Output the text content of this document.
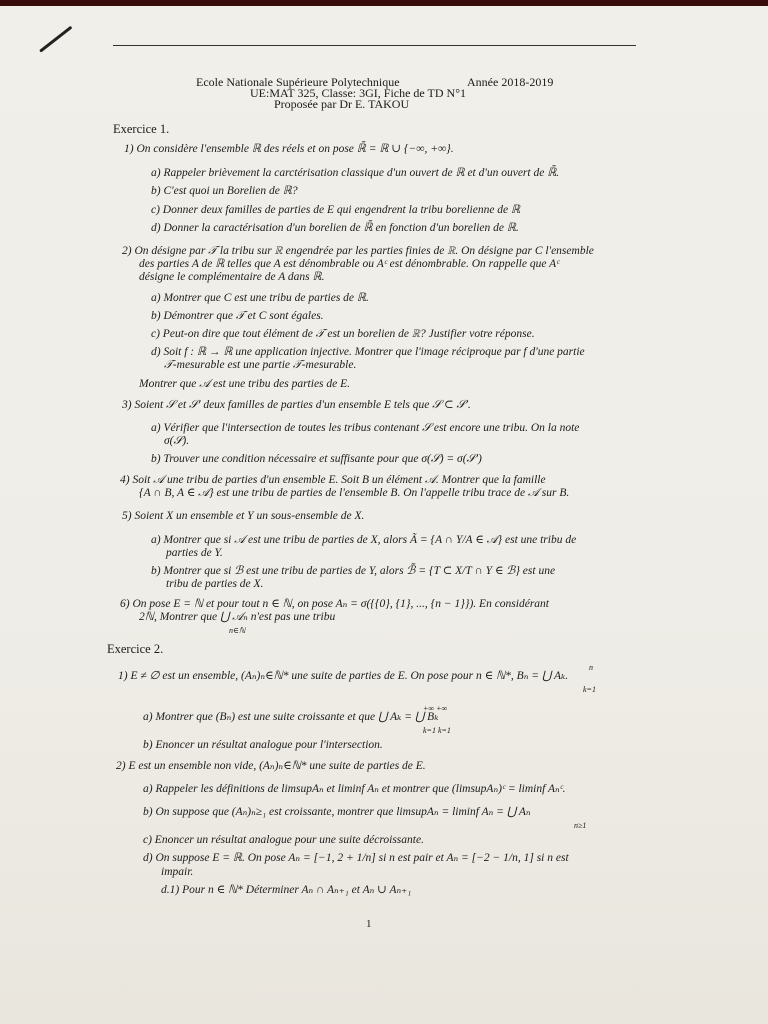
Ecole Nationale Supérieure Polytechnique	Année 2018-2019
UE:MAT 325, Classe: 3GI, Fiche de TD N°1
Proposée par Dr E. TAKOU
Exercice 1.
1) On considère l'ensemble ℝ des réels et on pose ℝ̄ = ℝ ∪ {−∞, +∞}.
a) Rappeler brièvement la carctérisation classique d'un ouvert de ℝ et d'un ouvert de ℝ̄.
b) C'est quoi un Borelien de ℝ?
c) Donner deux familles de parties de E qui engendrent la tribu borelienne de ℝ
d) Donner la caractérisation d'un borelien de ℝ̄ en fonction d'un borelien de ℝ.
2) On désigne par 𝒯 la tribu sur ℝ engendrée par les parties finies de ℝ. On désigne par C l'ensemble
des parties A de ℝ telles que A est dénombrable ou Aᶜ est dénombrable. On rappelle que Aᶜ
désigne le complémentaire de A dans ℝ.
a) Montrer que C est une tribu de parties de ℝ.
b) Démontrer que 𝒯 et C sont égales.
c) Peut-on dire que tout élément de 𝒯 est un borelien de ℝ? Justifier votre réponse.
d) Soit f : ℝ → ℝ une application injective. Montrer que l'image réciproque par f d'une partie
𝒯-mesurable est une partie 𝒯-mesurable.
Montrer que 𝒜 est une tribu des parties de E.
3) Soient 𝒮 et 𝒮′ deux familles de parties d'un ensemble E tels que 𝒮 ⊂ 𝒮′.
a) Vérifier que l'intersection de toutes les tribus contenant 𝒮 est encore une tribu. On la note
σ(𝒮).
b) Trouver une condition nécessaire et suffisante pour que σ(𝒮) = σ(𝒮′)
4) Soit 𝒜 une tribu de parties d'un ensemble E. Soit B un élément 𝒜. Montrer que la famille
{A ∩ B, A ∈ 𝒜} est une tribu de parties de l'ensemble B. On l'appelle tribu trace de 𝒜 sur B.
5) Soient X un ensemble et Y un sous-ensemble de X.
a) Montrer que si 𝒜 est une tribu de parties de X, alors Ã = {A ∩ Y/A ∈ 𝒜} est une tribu de
parties de Y.
b) Montrer que si ℬ est une tribu de parties de Y, alors ℬ̃ = {T ⊂ X/T ∩ Y ∈ ℬ} est une
tribu de parties de X.
6) On pose E = ℕ et pour tout n ∈ ℕ, on pose Aₙ = σ({{0}, {1}, ..., {n − 1}}). En considérant
2ℕ, Montrer que ⋃ 𝒜ₙ n'est pas une tribu
n∈ℕ
Exercice 2.
n
1) E ≠ ∅ est un ensemble, (Aₙ)ₙ∈ℕ* une suite de parties de E. On pose pour n ∈ ℕ*, Bₙ = ⋃ Aₖ.
k=1
+∞ +∞
a) Montrer que (Bₙ) est une suite croissante et que ⋃ Aₖ = ⋃ Bₖ
k=1 k=1
b) Enoncer un résultat analogue pour l'intersection.
2) E est un ensemble non vide, (Aₙ)ₙ∈ℕ* une suite de parties de E.
a) Rappeler les définitions de limsupAₙ et liminf Aₙ et montrer que (limsupAₙ)ᶜ = liminf Aₙᶜ.
b) On suppose que (Aₙ)ₙ≥₁ est croissante, montrer que limsupAₙ = liminf Aₙ = ⋃ Aₙ
n≥1
c) Enoncer un résultat analogue pour une suite décroissante.
d) On suppose E = ℝ. On pose Aₙ = [−1, 2 + 1/n] si n est pair et Aₙ = [−2 − 1/n, 1] si n est
impair.
d.1) Pour n ∈ ℕ* Déterminer Aₙ ∩ Aₙ₊₁ et Aₙ ∪ Aₙ₊₁
1
